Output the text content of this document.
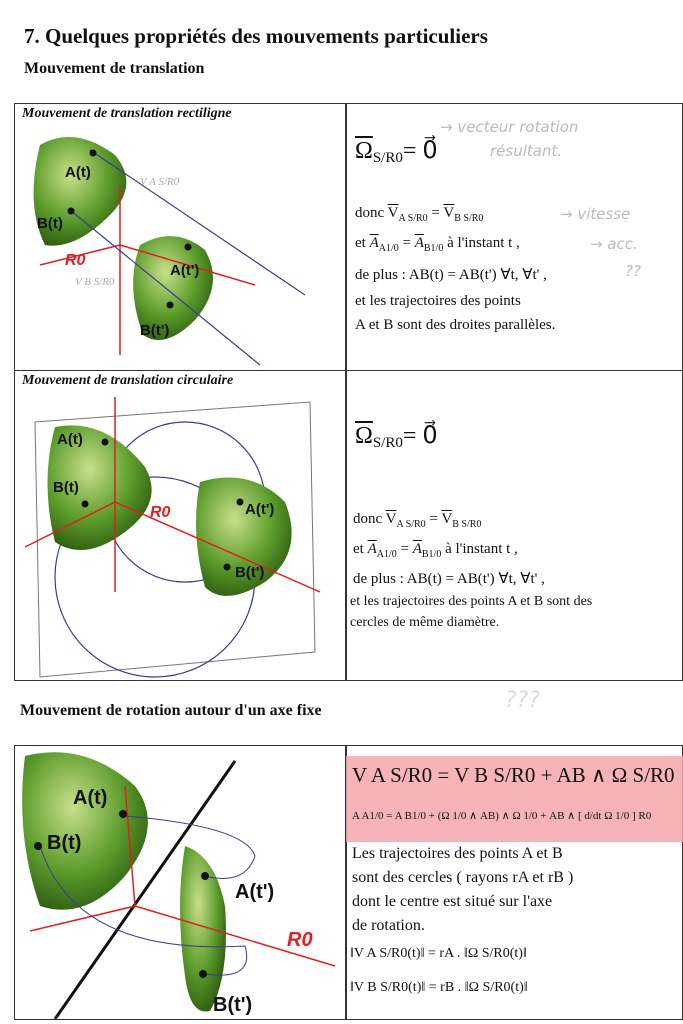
7. Quelques propriétés des mouvements particuliers
Mouvement de translation
Mouvement de translation rectiligne
A(t)
B(t)
A(t')
B(t')
R0
V A S/R0
V B S/R0
$\overline{\Omega}_{S/R0}=$ 0⃗
→ vecteur rotation
résultant.
donc $\overline{V}_{A S/R0} = \overline{V}_{B S/R0}$	→ vitesse
et $\overline{A}_{A1/0} = \overline{A}_{B1/0}$ à l'instant t ,	→ acc.
de plus : AB(t) = AB(t') ∀t, ∀t' ,	??
et les trajectoires des points
A et B sont des droites parallèles.
Mouvement de translation circulaire
A(t)
B(t)
A(t')
B(t')
R0
$\overline{\Omega}_{S/R0}=$ 0⃗
donc $\overline{V}_{A S/R0} = \overline{V}_{B S/R0}$
et $\overline{A}_{A1/0} = \overline{A}_{B1/0}$ à l'instant t ,
de plus : AB(t) = AB(t') ∀t, ∀t' ,
et les trajectoires des points A et B sont des
cercles de même diamètre.
Mouvement de rotation autour d'un axe fixe	???
A(t)
B(t)
A(t')
B(t')
R0
V A S/R0 = V B S/R0 + AB ∧ Ω S/R0
A A1/0 = A B1/0 + (Ω 1/0 ∧ AB) ∧ Ω 1/0 + AB ∧ [ d/dt Ω 1/0 ] R0
Les trajectoires des points A et B
sont des cercles ( rayons rA et rB )
dont le centre est situé sur l'axe
de rotation.
‖V A S/R0(t)‖ = rA . ‖Ω S/R0(t)‖
‖V B S/R0(t)‖ = rB . ‖Ω S/R0(t)‖
